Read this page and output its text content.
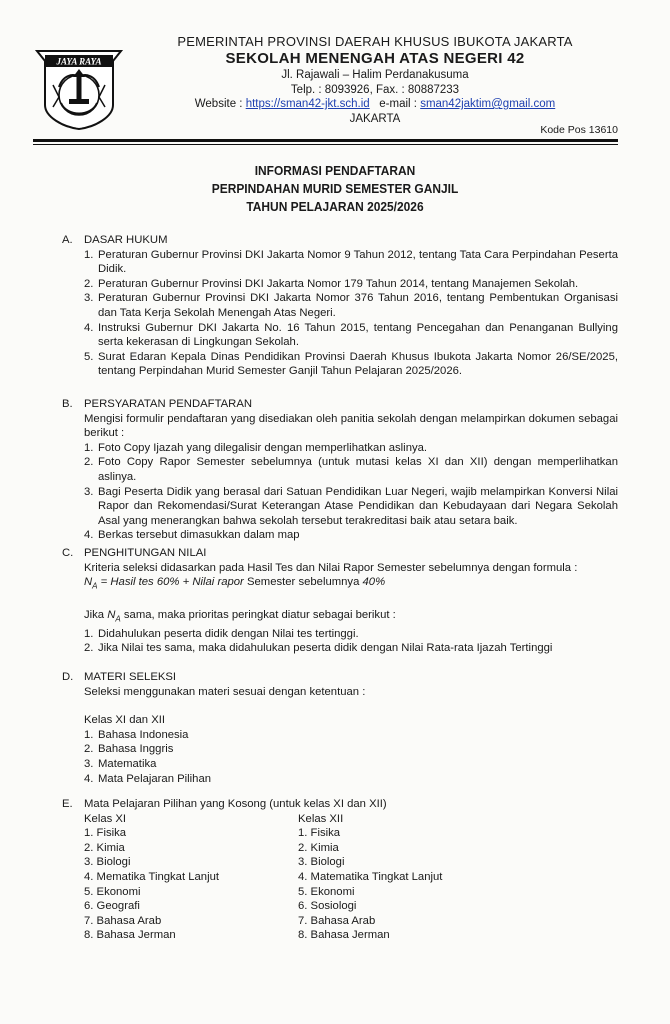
JAYA RAYA
PEMERINTAH PROVINSI DAERAH KHUSUS IBUKOTA JAKARTA
SEKOLAH MENENGAH ATAS NEGERI 42
Jl. Rajawali – Halim Perdanakusuma
Telp. : 8093926, Fax. : 80887233
Website : https://sman42-jkt.sch.id e-mail : sman42jaktim@gmail.com
JAKARTA
Kode Pos 13610
INFORMASI PENDAFTARAN
PERPINDAHAN MURID SEMESTER GANJIL
TAHUN PELAJARAN 2025/2026
A.	DASAR HUKUM
1. Peraturan Gubernur Provinsi DKI Jakarta Nomor 9 Tahun 2012, tentang Tata Cara Perpindahan Peserta Didik.
2. Peraturan Gubernur Provinsi DKI Jakarta Nomor 179 Tahun 2014, tentang Manajemen Sekolah.
3. Peraturan Gubernur Provinsi DKI Jakarta Nomor 376 Tahun 2016, tentang Pembentukan Organisasi dan Tata Kerja Sekolah Menengah Atas Negeri.
4. Instruksi Gubernur DKI Jakarta No. 16 Tahun 2015, tentang Pencegahan dan Penanganan Bullying serta kekerasan di Lingkungan Sekolah.
5. Surat Edaran Kepala Dinas Pendidikan Provinsi Daerah Khusus Ibukota Jakarta Nomor 26/SE/2025, tentang Perpindahan Murid Semester Ganjil Tahun Pelajaran 2025/2026.
B.	PERSYARATAN PENDAFTARAN
Mengisi formulir pendaftaran yang disediakan oleh panitia sekolah dengan melampirkan dokumen sebagai berikut :
1. Foto Copy Ijazah yang dilegalisir dengan memperlihatkan aslinya.
2. Foto Copy Rapor Semester sebelumnya (untuk mutasi kelas XI dan XII) dengan memperlihatkan aslinya.
3. Bagi Peserta Didik yang berasal dari Satuan Pendidikan Luar Negeri, wajib melampirkan Konversi Nilai Rapor dan Rekomendasi/Surat Keterangan Atase Pendidikan dan Kebudayaan dari Negara Sekolah Asal yang menerangkan bahwa sekolah tersebut terakreditasi baik atau setara baik.
4. Berkas tersebut dimasukkan dalam map
C. PENGHITUNGAN NILAI
Kriteria seleksi didasarkan pada Hasil Tes dan Nilai Rapor Semester sebelumnya dengan formula :
$N_A$ = Hasil tes 60% + Nilai rapor Semester sebelumnya 40%
Jika $N_A$ sama, maka prioritas peringkat diatur sebagai berikut :
1. Didahulukan peserta didik dengan Nilai tes tertinggi.
2. Jika Nilai tes sama, maka didahulukan peserta didik dengan Nilai Rata-rata Ijazah Tertinggi
D. MATERI SELEKSI
Seleksi menggunakan materi sesuai dengan ketentuan :
Kelas XI dan XII
1. Bahasa Indonesia
2. Bahasa Inggris
3. Matematika
4. Mata Pelajaran Pilihan
E.	Mata Pelajaran Pilihan yang Kosong (untuk kelas XI dan XII)
Kelas XI
1. Fisika
2. Kimia
3. Biologi
4. Mematika Tingkat Lanjut
5. Ekonomi
6. Geografi
7. Bahasa Arab
8. Bahasa Jerman
Kelas XII
1. Fisika
2. Kimia
3. Biologi
4. Matematika Tingkat Lanjut
5. Ekonomi
6. Sosiologi
7. Bahasa Arab
8. Bahasa Jerman
